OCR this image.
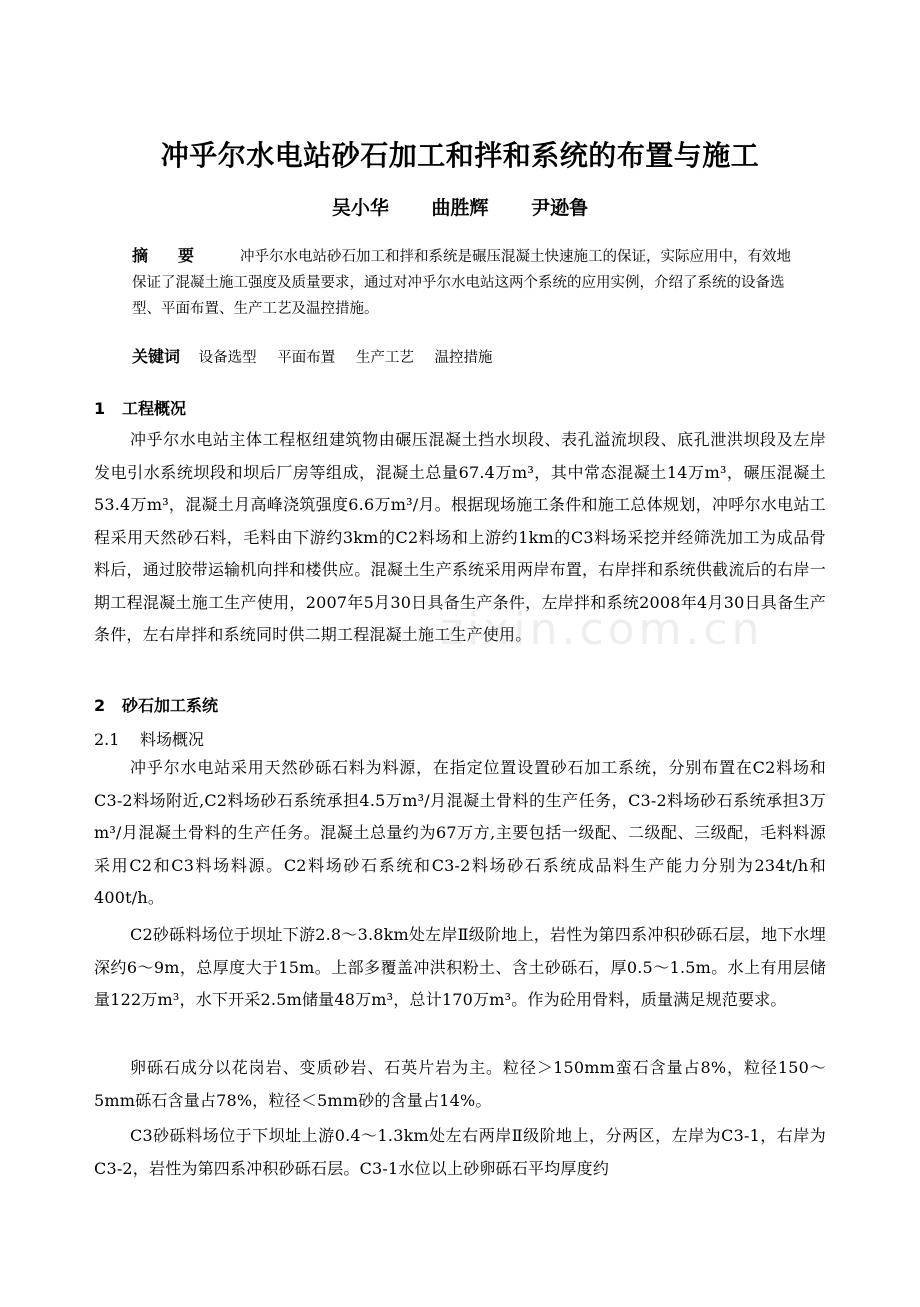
冲乎尔水电站砂石加工和拌和系统的布置与施工
吴小华 曲胜辉 尹逊鲁
摘要 冲乎尔水电站砂石加工和拌和系统是碾压混凝土快速施工的保证，实际应用中，有效地保证了混凝土施工强度及质量要求，通过对冲乎尔水电站这两个系统的应用实例，介绍了系统的设备选型、平面布置、生产工艺及温控措施。
关键词 设备选型 平面布置 生产工艺 温控措施
1 工程概况
冲乎尔水电站主体工程枢纽建筑物由碾压混凝土挡水坝段、表孔溢流坝段、底孔泄洪坝段及左岸发电引水系统坝段和坝后厂房等组成，混凝土总量67.4万m³，其中常态混凝土14万m³，碾压混凝土53.4万m³，混凝土月高峰浇筑强度6.6万m³/月。根据现场施工条件和施工总体规划，冲呼尔水电站工程采用天然砂石料，毛料由下游约3km的C2料场和上游约1km的C3料场采挖并经筛洗加工为成品骨料后，通过胶带运输机向拌和楼供应。混凝土生产系统采用两岸布置，右岸拌和系统供截流后的右岸一期工程混凝土施工生产使用，2007年5月30日具备生产条件，左岸拌和系统2008年4月30日具备生产条件，左右岸拌和系统同时供二期工程混凝土施工生产使用。
2 砂石加工系统
2.1 料场概况
冲乎尔水电站采用天然砂砾石料为料源，在指定位置设置砂石加工系统，分别布置在C2料场和C3-2料场附近,C2料场砂石系统承担4.5万m³/月混凝土骨料的生产任务，C3-2料场砂石系统承担3万m³/月混凝土骨料的生产任务。混凝土总量约为67万方,主要包括一级配、二级配、三级配，毛料料源采用C2和C3料场料源。C2料场砂石系统和C3-2料场砂石系统成品料生产能力分别为234t/h和400t/h。
C2砂砾料场位于坝址下游2.8～3.8km处左岸Ⅱ级阶地上，岩性为第四系冲积砂砾石层，地下水埋深约6～9m，总厚度大于15m。上部多覆盖冲洪积粉土、含土砂砾石，厚0.5～1.5m。水上有用层储量122万m³，水下开采2.5m储量48万m³，总计170万m³。作为砼用骨料，质量满足规范要求。
卵砾石成分以花岗岩、变质砂岩、石英片岩为主。粒径＞150mm蛮石含量占8%，粒径150～5mm砾石含量占78%，粒径＜5mm砂的含量占14%。
C3砂砾料场位于下坝址上游0.4～1.3km处左右两岸Ⅱ级阶地上，分两区，左岸为C3-1，右岸为C3-2，岩性为第四系冲积砂砾石层。C3-1水位以上砂卵砾石平均厚度约
zixin.com.cn
